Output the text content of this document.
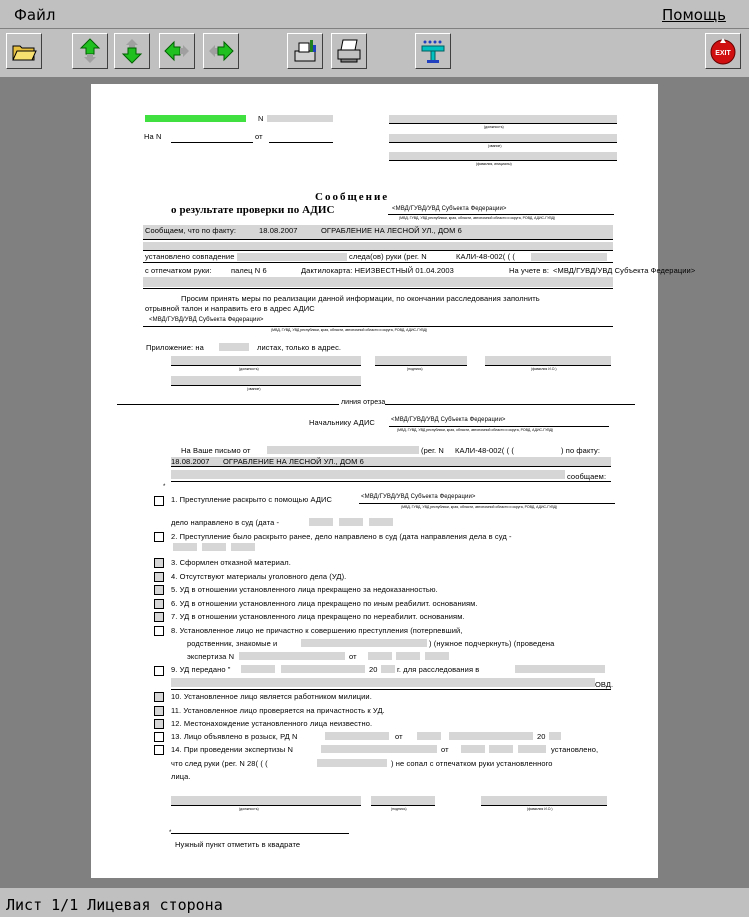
Файл	Помощь
EXIT
N
На N	от
(должность)
(звание)
(фамилия, инициалы)
Сообщение
о результате проверки по АДИС	<МВД/ГУВД/УВД Субъекта Федерации>
(МВД, ГУВД, УВД республики, края, области, автономной области и округа, РОВД, АДИС-ГУВД)
Сообщаем, что по факту:	18.08.2007	ОГРАБЛЕНИЕ НА ЛЕСНОЙ УЛ., ДОМ 6
установлено совпадение	следа(ов) руки (рег. N	КАЛИ-48-002( ( (
с отпечатком руки:	палец N 6	Дактилокарта: НЕИЗВЕСТНЫЙ 01.04.2003	На учете в: <МВД/ГУВД/УВД Субъекта Федерации>
Просим принять меры по реализации данной информации, по окончании расследования заполнить
отрывной талон и направить его в адрес АДИС
<МВД/ГУВД/УВД Субъекта Федерации>
(МВД, ГУВД, УВД республики, края, области, автономной области и округа, РОВД, АДИС-ГУВД)
Приложение: на	листах, только в адрес.
(должность)	(подпись)	(фамилия И.О.)
(звание)
линия отреза
Начальнику АДИС	<МВД/ГУВД/УВД Субъекта Федерации>
(МВД, ГУВД, УВД республики, края, области, автономной области и округа, РОВД, АДИС-ГУВД)
На Ваше письмо от	(рег. N КАЛИ-48-002( ( (	) по факту:
18.08.2007 ОГРАБЛЕНИЕ НА ЛЕСНОЙ УЛ., ДОМ 6
сообщаем:
*
1. Преступление раскрыто с помощью АДИС	<МВД/ГУВД/УВД Субъекта Федерации>
(МВД, ГУВД, УВД республики, края, области, автономной области и округа, РОВД, АДИС-ГУВД)
дело направлено в суд (дата -
2. Преступление было раскрыто ранее, дело направлено в суд (дата направления дела в суд -
3. Сформлен отказной материал.
4. Отсутствуют материалы уголовного дела (УД).
5. УД в отношении установленного лица прекращено за недоказанностью.
6. УД в отношении установленного лица прекращено по иным реабилит. основаниям.
7. УД в отношении установленного лица прекращено по нереабилит. основаниям.
8. Установленное лицо не причастно к совершению преступления (потерпевший,
родственник, знакомые и	) (нужное подчеркнуть) (проведена
экспертиза N	от
9. УД передано "	20	г. для расследования в
ОВД.
10. Установленное лицо является работником милиции.
11. Установленное лицо проверяется на причастность к УД.
12. Местонахождение установленного лица неизвестно.
13. Лицо объявлено в розыск, РД N	от	20
14. При проведении экспертизы N	от	установлено,
что след руки (рег. N 28( ( (	) не сопал с отпечатком руки установленного
лица.
(должность)	(подпись)	(фамилия И.О.)
*
Нужный пункт отметить в квадрате
Лист 1/1 Лицевая сторона
